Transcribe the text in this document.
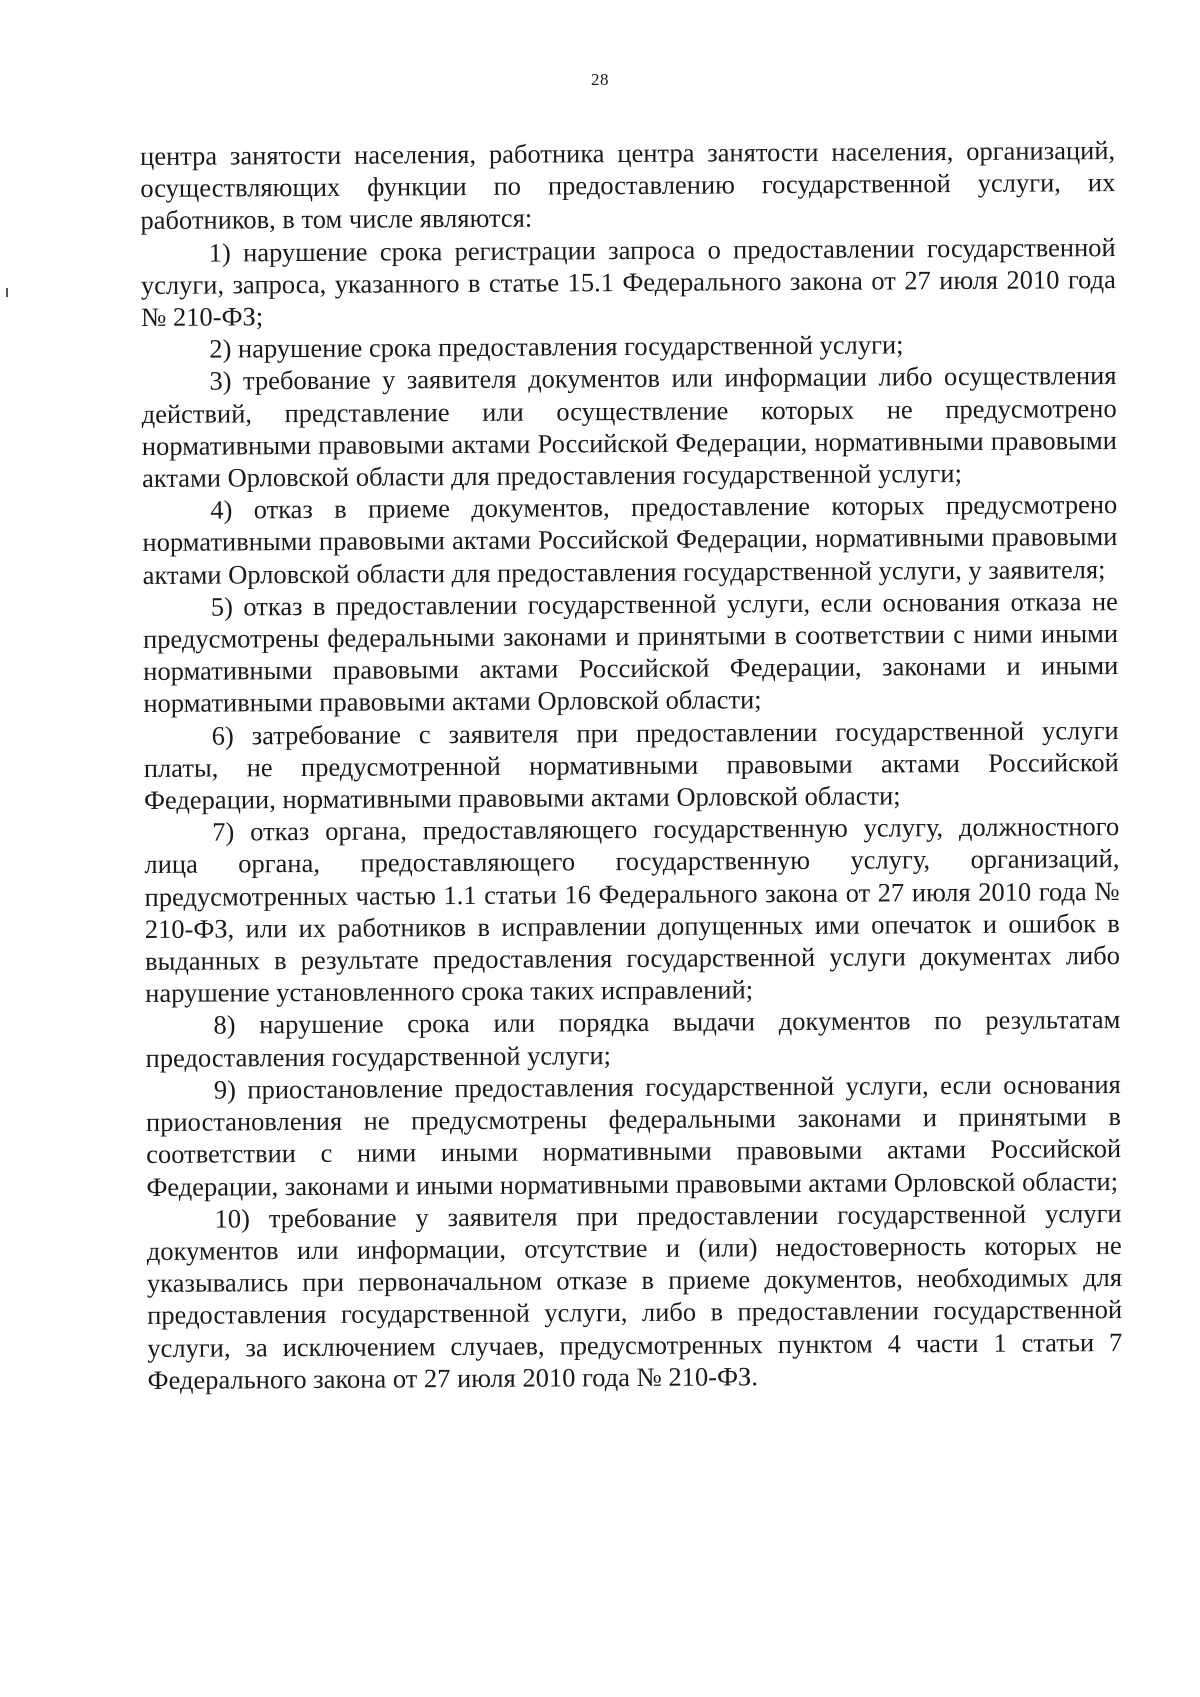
28

центра занятости населения, работника центра занятости населения, организаций, осуществляющих функции по предоставлению государственной услуги, их работников, в том числе являются:

1) нарушение срока регистрации запроса о предоставлении государственной услуги, запроса, указанного в статье 15.1 Федерального закона от 27 июля 2010 года № 210-ФЗ;

2) нарушение срока предоставления государственной услуги;

3) требование у заявителя документов или информации либо осуществления действий, представление или осуществление которых не предусмотрено нормативными правовыми актами Российской Федерации, нормативными правовыми актами Орловской области для предоставления государственной услуги;

4) отказ в приеме документов, предоставление которых предусмотрено нормативными правовыми актами Российской Федерации, нормативными правовыми актами Орловской области для предоставления государственной услуги, у заявителя;

5) отказ в предоставлении государственной услуги, если основания отказа не предусмотрены федеральными законами и принятыми в соответствии с ними иными нормативными правовыми актами Российской Федерации, законами и иными нормативными правовыми актами Орловской области;

6) затребование с заявителя при предоставлении государственной услуги платы, не предусмотренной нормативными правовыми актами Российской Федерации, нормативными правовыми актами Орловской области;

7) отказ органа, предоставляющего государственную услугу, должностного лица органа, предоставляющего государственную услугу, организаций, предусмотренных частью 1.1 статьи 16 Федерального закона от 27 июля 2010 года № 210-ФЗ, или их работников в исправлении допущенных ими опечаток и ошибок в выданных в результате предоставления государственной услуги документах либо нарушение установленного срока таких исправлений;

8) нарушение срока или порядка выдачи документов по результатам предоставления государственной услуги;

9) приостановление предоставления государственной услуги, если основания приостановления не предусмотрены федеральными законами и принятыми в соответствии с ними иными нормативными правовыми актами Российской Федерации, законами и иными нормативными правовыми актами Орловской области;

10) требование у заявителя при предоставлении государственной услуги документов или информации, отсутствие и (или) недостоверность которых не указывались при первоначальном отказе в приеме документов, необходимых для предоставления государственной услуги, либо в предоставлении государственной услуги, за исключением случаев, предусмотренных пунктом 4 части 1 статьи 7 Федерального закона от 27 июля 2010 года № 210-ФЗ.
